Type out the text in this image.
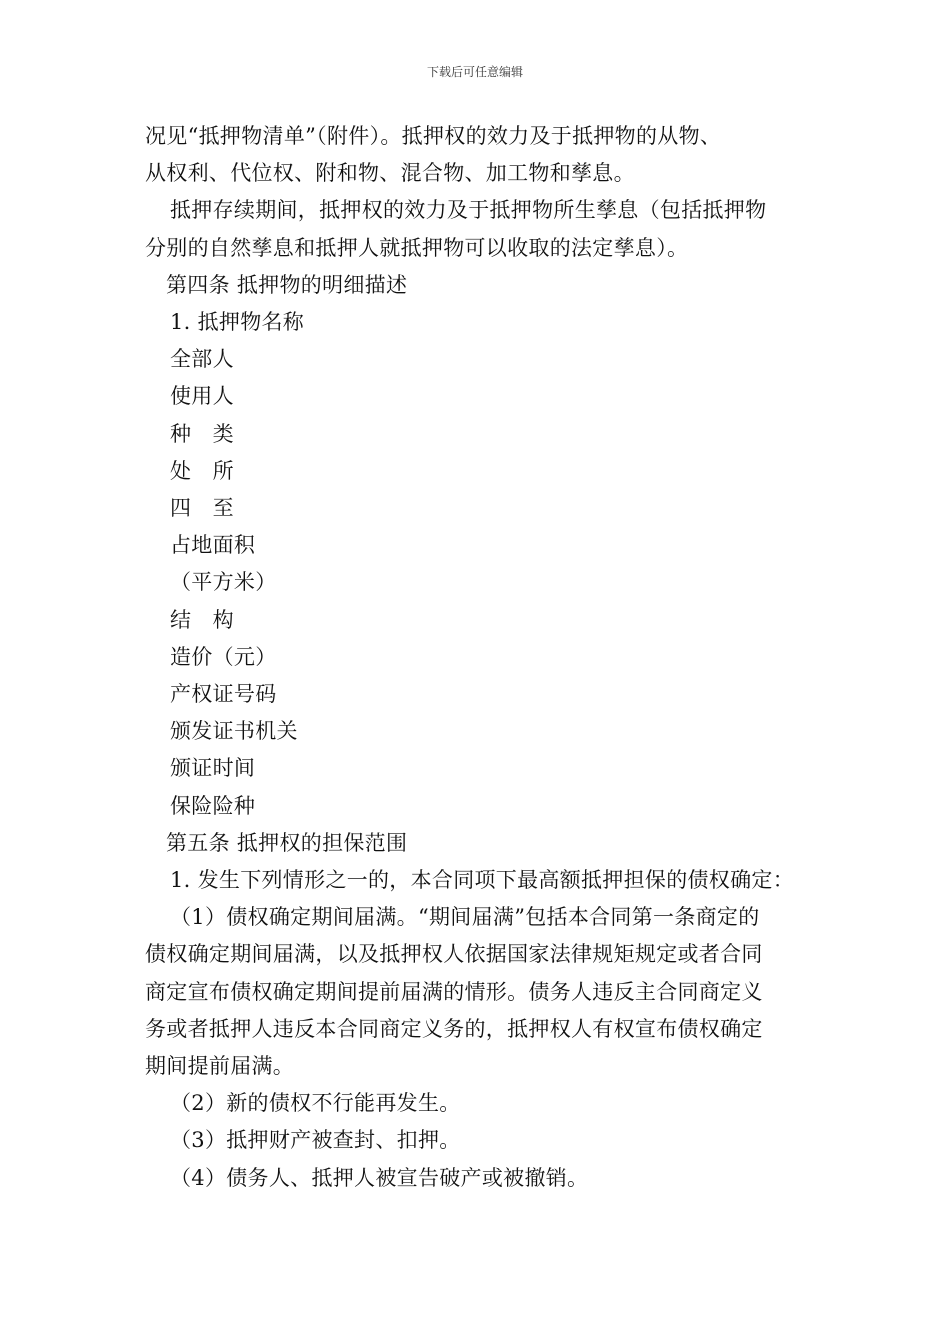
下载后可任意编辑

况见“抵押物清单”（附件）。抵押权的效力及于抵押物的从物、

从权利、代位权、附和物、混合物、加工物和孳息。

抵押存续期间，抵押权的效力及于抵押物所生孳息（包括抵押物

分别的自然孳息和抵押人就抵押物可以收取的法定孳息）。

第四条 抵押物的明细描述

1. 抵押物名称

全部人

使用人

种　类

处　所

四　至

占地面积

（平方米）

结　构

造价（元）

产权证号码

颁发证书机关

颁证时间

保险险种

第五条 抵押权的担保范围

1. 发生下列情形之一的，本合同项下最高额抵押担保的债权确定：

（1）债权确定期间届满。“期间届满”包括本合同第一条商定的

债权确定期间届满，以及抵押权人依据国家法律规矩规定或者合同

商定宣布债权确定期间提前届满的情形。债务人违反主合同商定义

务或者抵押人违反本合同商定义务的，抵押权人有权宣布债权确定

期间提前届满。

（2）新的债权不行能再发生。

（3）抵押财产被查封、扣押。

（4）债务人、抵押人被宣告破产或被撤销。
